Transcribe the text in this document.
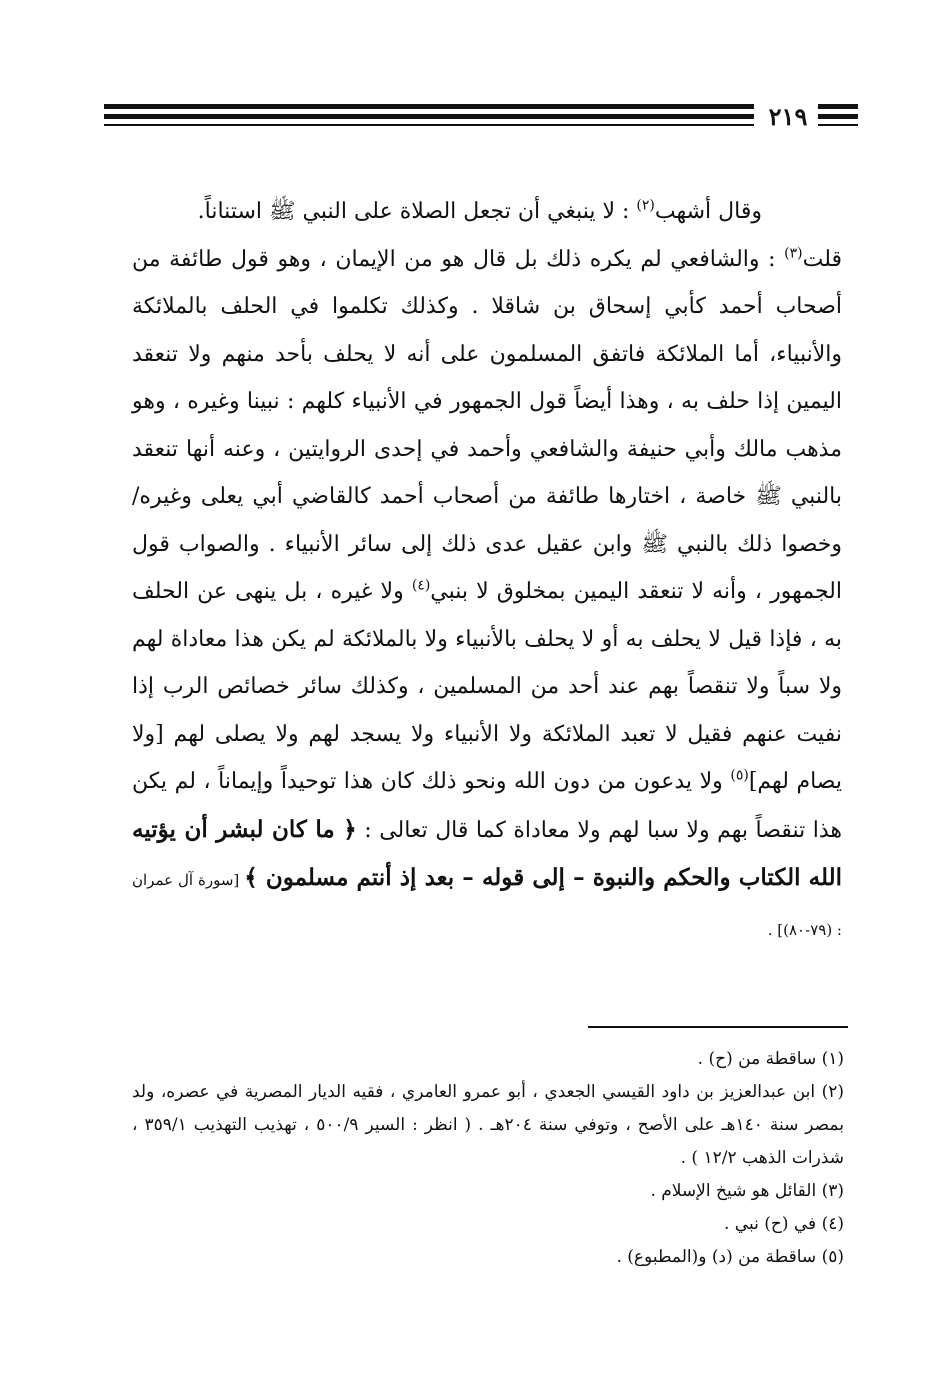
٢١٩

وقال أشهب$^{(٢)}$ : لا ينبغي أن تجعل الصلاة على النبي ﷺ استناناً.

قلت$^{(٣)}$ : والشافعي لم يكره ذلك بل قال هو من الإيمان ، وهو قول طائفة من أصحاب أحمد كأبي إسحاق بن شاقلا . وكذلك تكلموا في الحلف بالملائكة والأنبياء، أما الملائكة فاتفق المسلمون على أنه لا يحلف بأحد منهم ولا تنعقد اليمين إذا حلف به ، وهذا أيضاً قول الجمهور في الأنبياء كلهم : نبينا وغيره ، وهو مذهب مالك وأبي حنيفة والشافعي وأحمد في إحدى الروايتين ، وعنه أنها تنعقد بالنبي ﷺ خاصة ، اختارها طائفة من أصحاب أحمد كالقاضي أبي يعلى وغيره/ وخصوا ذلك بالنبي ﷺ وابن عقيل عدى ذلك إلى سائر الأنبياء . والصواب قول الجمهور ، وأنه لا تنعقد اليمين بمخلوق لا بنبي$^{(٤)}$ ولا غيره ، بل ينهى عن الحلف به ، فإذا قيل لا يحلف به أو لا يحلف بالأنبياء ولا بالملائكة لم يكن هذا معاداة لهم ولا سباً ولا تنقصاً بهم عند أحد من المسلمين ، وكذلك سائر خصائص الرب إذا نفيت عنهم فقيل لا تعبد الملائكة ولا الأنبياء ولا يسجد لهم ولا يصلى لهم [ولا يصام لهم]$^{(٥)}$ ولا يدعون من دون الله ونحو ذلك كان هذا توحيداً وإيماناً ، لم يكن هذا تنقصاً بهم ولا سبا لهم ولا معاداة كما قال تعالى : ﴿ ما كان لبشر أن يؤتيه الله الكتاب والحكم والنبوة – إلى قوله – بعد إذ أنتم مسلمون ﴾ [سورة آل عمران : (٧٩-٨٠)] .

(١) ساقطة من (ح) .

(٢) ابن عبدالعزيز بن داود القيسي الجعدي ، أبو عمرو العامري ، فقيه الديار المصرية في عصره، ولد بمصر سنة ١٤٠هـ على الأصح ، وتوفي سنة ٢٠٤هـ . ( انظر : السير ٥٠٠/٩ ، تهذيب التهذيب ٣٥٩/١ ، شذرات الذهب ١٢/٢ ) .

(٣) القائل هو شيخ الإسلام .

(٤) في (ح) نبي .

(٥) ساقطة من (د) و(المطبوع) .
